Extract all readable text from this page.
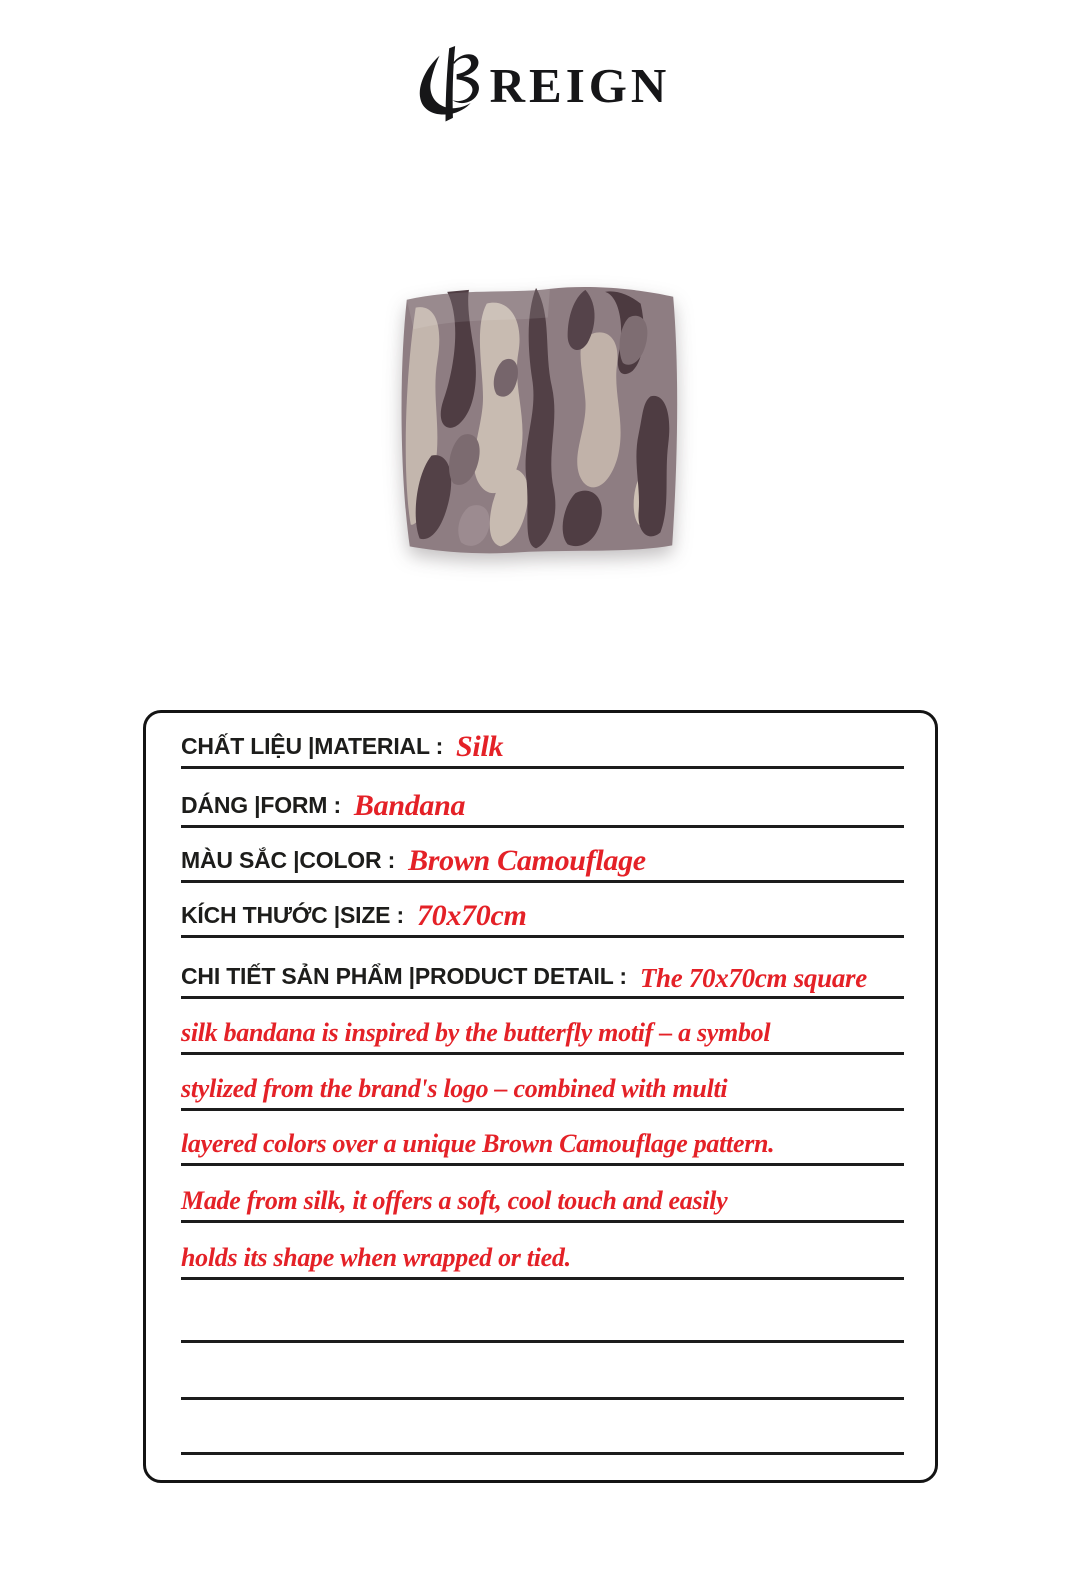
REIGN
CHẤT LIỆU |MATERIAL : Silk
DÁNG |FORM : Bandana
MÀU SẮC |COLOR : Brown Camouflage
KÍCH THƯỚC |SIZE : 70x70cm
CHI TIẾT SẢN PHẨM |PRODUCT DETAIL : The 70x70cm square
silk bandana is inspired by the butterfly motif – a symbol
stylized from the brand's logo – combined with multi
layered colors over a unique Brown Camouflage pattern.
Made from silk, it offers a soft, cool touch and easily
holds its shape when wrapped or tied.
